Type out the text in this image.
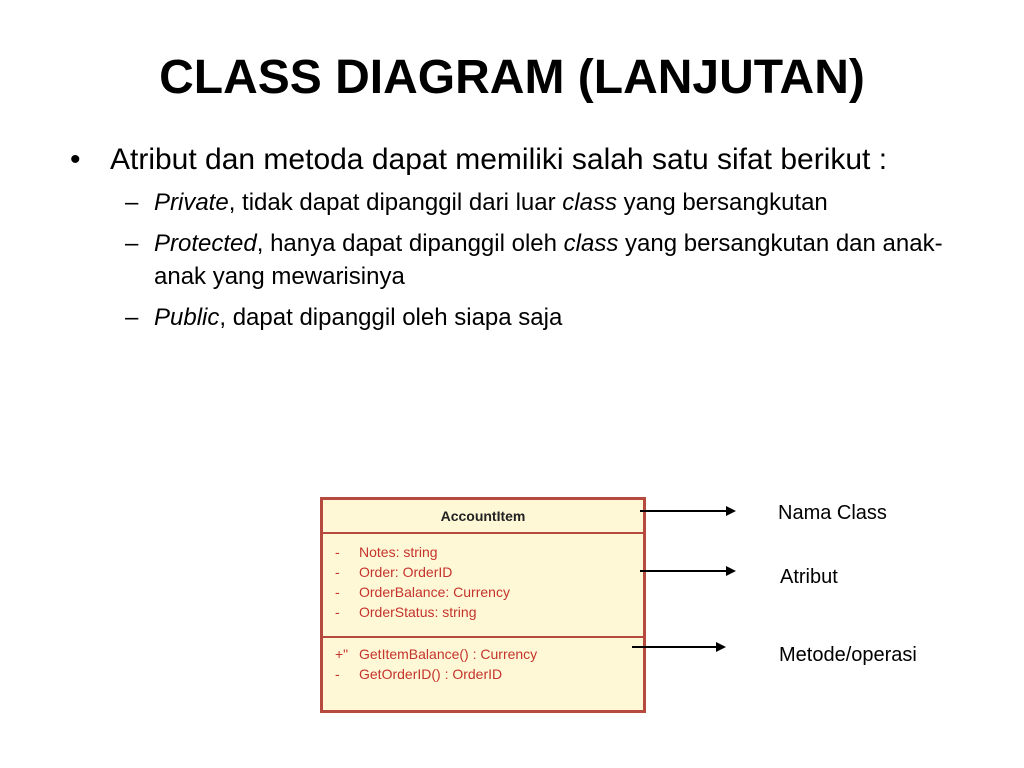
CLASS DIAGRAM (LANJUTAN)
• Atribut dan metoda dapat memiliki salah satu sifat berikut :
– Private, tidak dapat dipanggil dari luar class yang bersangkutan
– Protected, hanya dapat dipanggil oleh class yang bersangkutan dan anak-anak yang mewarisinya
– Public, dapat dipanggil oleh siapa saja
AccountItem
- Notes: string
- Order: OrderID
- OrderBalance: Currency
- OrderStatus: string
+" GetItemBalance() : Currency
- GetOrderID() : OrderID
Nama Class
Atribut
Metode/operasi
